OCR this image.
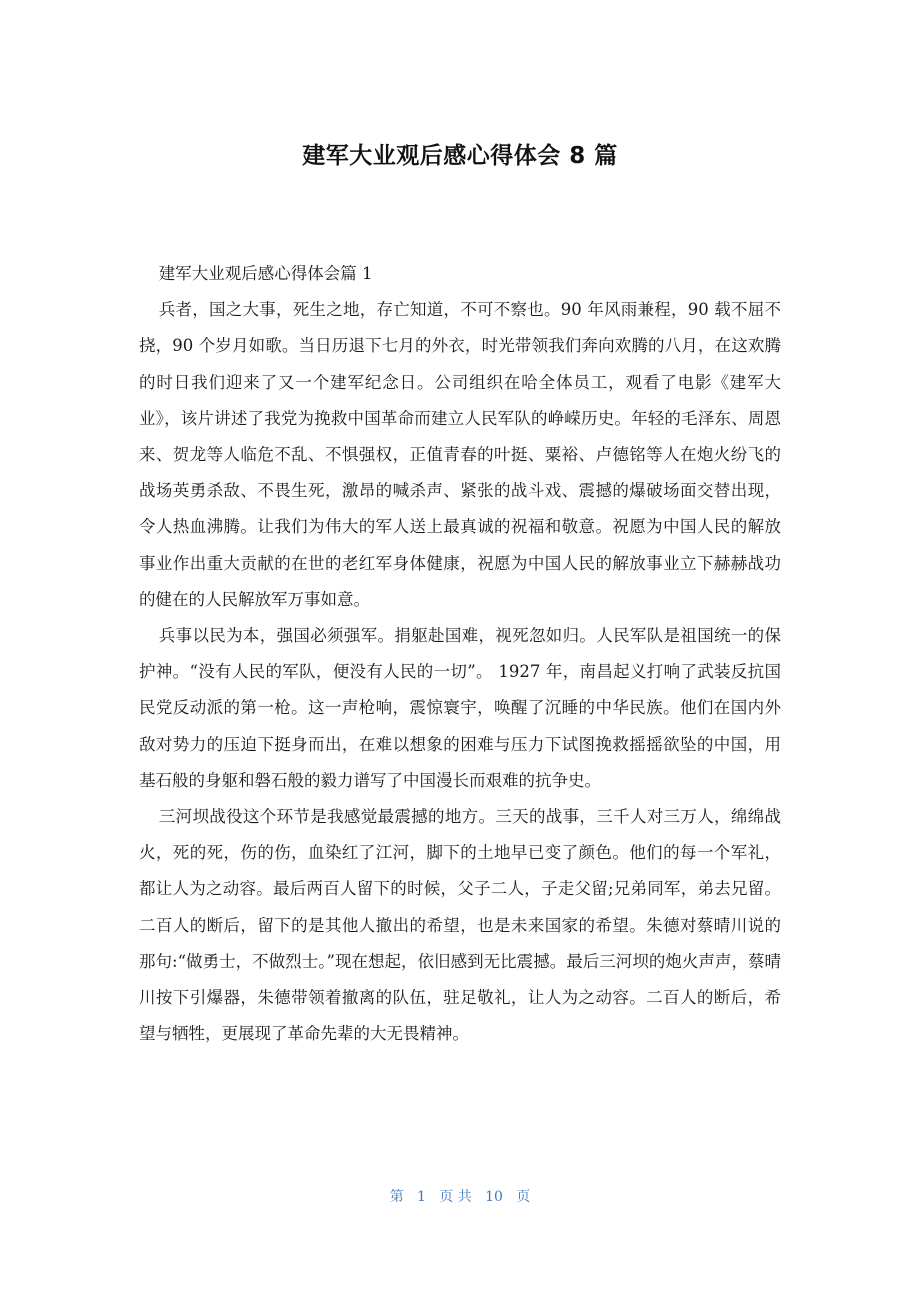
建军大业观后感心得体会 8 篇

建军大业观后感心得体会篇 1

兵者，国之大事，死生之地，存亡知道，不可不察也。90 年风雨兼程，90 载不屈不挠，90 个岁月如歌。当日历退下七月的外衣，时光带领我们奔向欢腾的八月，在这欢腾的时日我们迎来了又一个建军纪念日。公司组织在哈全体员工，观看了电影《建军大业》，该片讲述了我党为挽救中国革命而建立人民军队的峥嵘历史。年轻的毛泽东、周恩来、贺龙等人临危不乱、不惧强权，正值青春的叶挺、粟裕、卢德铭等人在炮火纷飞的战场英勇杀敌、不畏生死，激昂的喊杀声、紧张的战斗戏、震撼的爆破场面交替出现，令人热血沸腾。让我们为伟大的军人送上最真诚的祝福和敬意。祝愿为中国人民的解放事业作出重大贡献的在世的老红军身体健康，祝愿为中国人民的解放事业立下赫赫战功的健在的人民解放军万事如意。

兵事以民为本，强国必须强军。捐躯赴国难，视死忽如归。人民军队是祖国统一的保护神。“没有人民的军队，便没有人民的一切”。 1927 年，南昌起义打响了武装反抗国民党反动派的第一枪。这一声枪响，震惊寰宇，唤醒了沉睡的中华民族。他们在国内外敌对势力的压迫下挺身而出，在难以想象的困难与压力下试图挽救摇摇欲坠的中国，用基石般的身躯和磐石般的毅力谱写了中国漫长而艰难的抗争史。

三河坝战役这个环节是我感觉最震撼的地方。三天的战事，三千人对三万人，绵绵战火，死的死，伤的伤，血染红了江河，脚下的土地早已变了颜色。他们的每一个军礼，都让人为之动容。最后两百人留下的时候，父子二人，子走父留;兄弟同军，弟去兄留。二百人的断后，留下的是其他人撤出的希望，也是未来国家的希望。朱德对蔡晴川说的那句:“做勇士，不做烈士。”现在想起，依旧感到无比震撼。最后三河坝的炮火声声，蔡晴川按下引爆器，朱德带领着撤离的队伍，驻足敬礼，让人为之动容。二百人的断后，希望与牺牲，更展现了革命先辈的大无畏精神。

第   1   页 共   10   页
